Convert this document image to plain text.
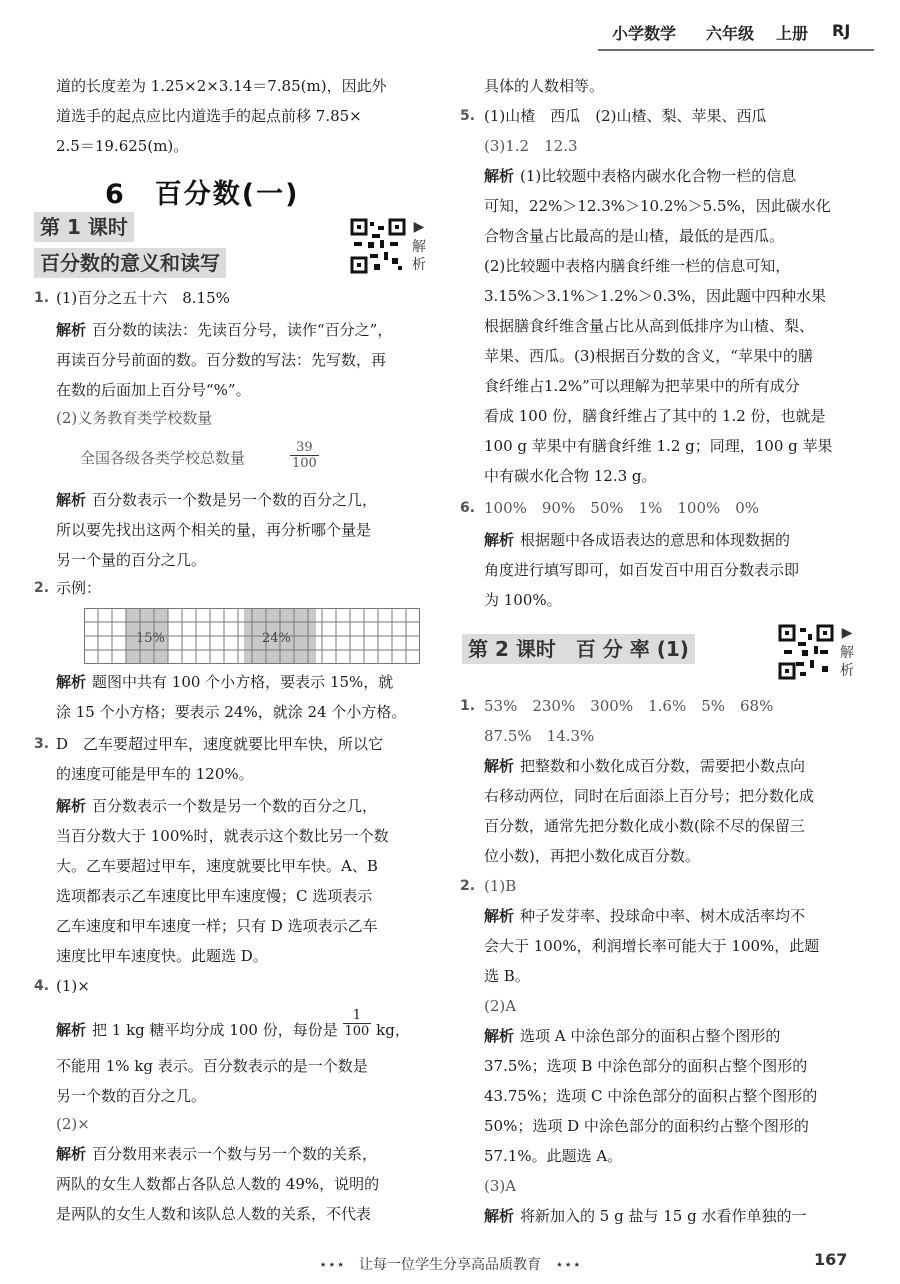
小学数学 六年级 上册 RJ
道的长度差为 1.25×2×3.14＝7.85(m)，因此外
道选手的起点应比内道选手的起点前移 7.85×
2.5＝19.625(m)。
6　百分数(一)
第 1 课时
百分数的意义和读写
▶
解析
1. (1)百分之五十六　8.15%
解析 百分数的读法：先读百分号，读作“百分之”，
再读百分号前面的数。百分数的写法：先写数，再
在数的后面加上百分号“%”。
(2)义务教育类学校数量
全国各级各类学校总数量	$\frac{39}{100}$
解析 百分数表示一个数是另一个数的百分之几，
所以要先找出这两个相关的量，再分析哪个量是
另一个量的百分之几。
2. 示例：
15%	24%
解析 题图中共有 100 个小方格，要表示 15%，就
涂 15 个小方格；要表示 24%，就涂 24 个小方格。
3. D　乙车要超过甲车，速度就要比甲车快，所以它
的速度可能是甲车的 120%。
解析 百分数表示一个数是另一个数的百分之几，
当百分数大于 100%时，就表示这个数比另一个数
大。乙车要超过甲车，速度就要比甲车快。A、B
选项都表示乙车速度比甲车速度慢；C 选项表示
乙车速度和甲车速度一样；只有 D 选项表示乙车
速度比甲车速度快。此题选 D。
4. (1)×
解析 把 1 kg 糖平均分成 100 份，每份是 $\frac{1}{100}$ kg，
不能用 1% kg 表示。百分数表示的是一个数是
另一个数的百分之几。
(2)×
解析 百分数用来表示一个数与另一个数的关系，
两队的女生人数都占各队总人数的 49%，说明的
是两队的女生人数和该队总人数的关系，不代表
具体的人数相等。
5. (1)山楂　西瓜　(2)山楂、梨、苹果、西瓜
(3)1.2　12.3
解析 (1)比较题中表格内碳水化合物一栏的信息
可知，22%＞12.3%＞10.2%＞5.5%，因此碳水化
合物含量占比最高的是山楂，最低的是西瓜。
(2)比较题中表格内膳食纤维一栏的信息可知，
3.15%＞3.1%＞1.2%＞0.3%，因此题中四种水果
根据膳食纤维含量占比从高到低排序为山楂、梨、
苹果、西瓜。(3)根据百分数的含义，“苹果中的膳
食纤维占1.2%”可以理解为把苹果中的所有成分
看成 100 份，膳食纤维占了其中的 1.2 份，也就是
100 g 苹果中有膳食纤维 1.2 g；同理，100 g 苹果
中有碳水化合物 12.3 g。
6. 100%　90%　50%　1%　100%　0%
解析 根据题中各成语表达的意思和体现数据的
角度进行填写即可，如百发百中用百分数表示即
为 100%。
第 2 课时　百 分 率 (1)
▶
解析
1. 53%　230%　300%　1.6%　5%　68%
87.5%　14.3%
解析 把整数和小数化成百分数，需要把小数点向
右移动两位，同时在后面添上百分号；把分数化成
百分数，通常先把分数化成小数(除不尽的保留三
位小数)，再把小数化成百分数。
2. (1)B
解析 种子发芽率、投球命中率、树木成活率均不
会大于 100%，利润增长率可能大于 100%，此题
选 B。
(2)A
解析 选项 A 中涂色部分的面积占整个图形的
37.5%；选项 B 中涂色部分的面积占整个图形的
43.75%；选项 C 中涂色部分的面积占整个图形的
50%；选项 D 中涂色部分的面积约占整个图形的
57.1%。此题选 A。
(3)A
解析 将新加入的 5 g 盐与 15 g 水看作单独的一
⋆⋆⋆　让每一位学生分享高品质教育　⋆⋆⋆	167
